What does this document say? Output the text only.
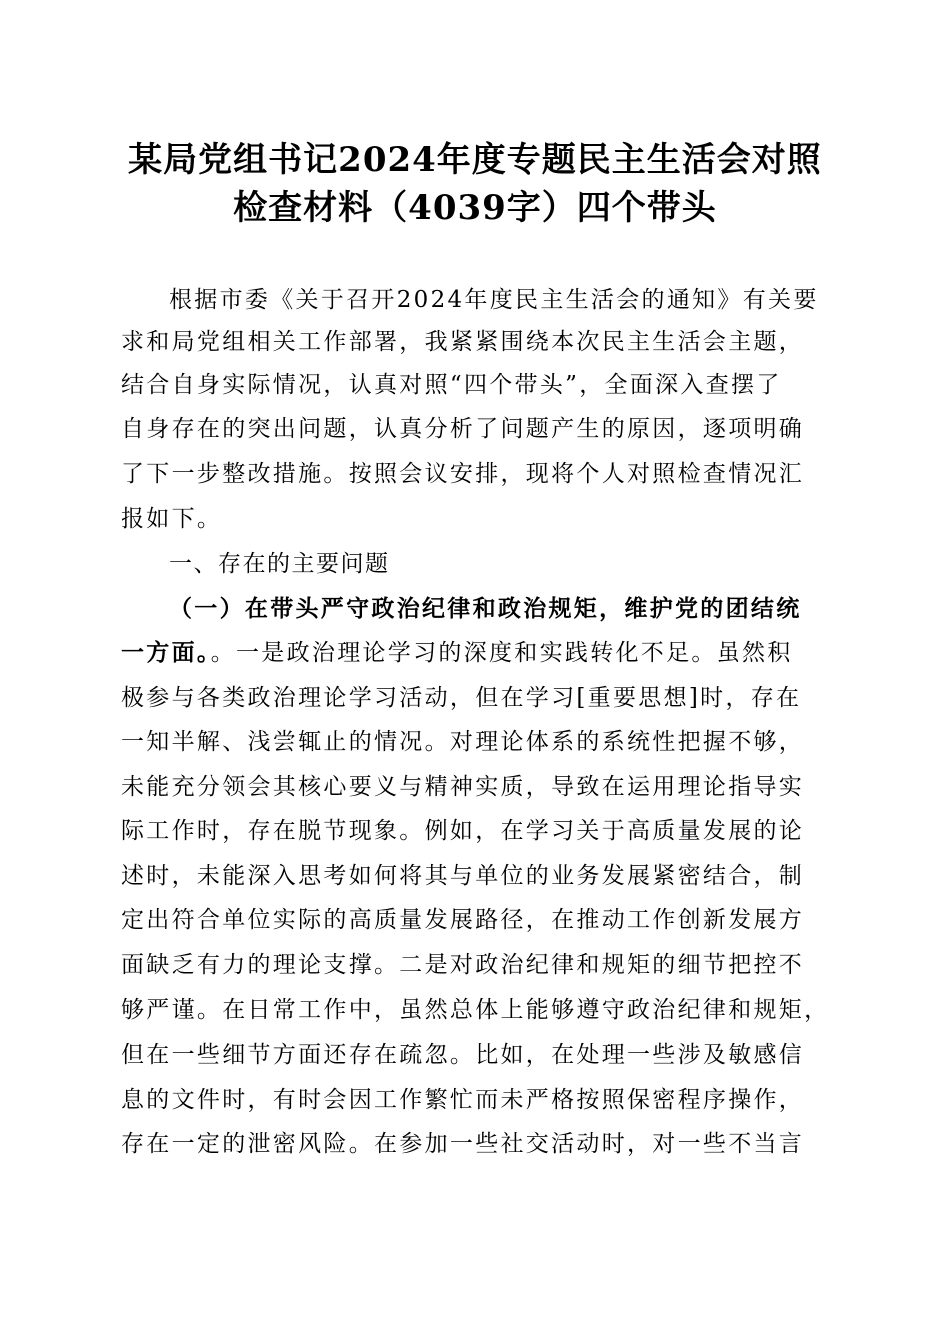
某局党组书记2024年度专题民主生活会对照
检查材料（4039字）四个带头
根据市委《关于召开2024年度民主生活会的通知》有关要
求和局党组相关工作部署，我紧紧围绕本次民主生活会主题，
结合自身实际情况，认真对照“四个带头”，全面深入查摆了
自身存在的突出问题，认真分析了问题产生的原因，逐项明确
了下一步整改措施。按照会议安排，现将个人对照检查情况汇
报如下。
一、存在的主要问题
（一）在带头严守政治纪律和政治规矩，维护党的团结统
一方面。。一是政治理论学习的深度和实践转化不足。虽然积
极参与各类政治理论学习活动，但在学习[重要思想]时，存在
一知半解、浅尝辄止的情况。对理论体系的系统性把握不够，
未能充分领会其核心要义与精神实质，导致在运用理论指导实
际工作时，存在脱节现象。例如，在学习关于高质量发展的论
述时，未能深入思考如何将其与单位的业务发展紧密结合，制
定出符合单位实际的高质量发展路径，在推动工作创新发展方
面缺乏有力的理论支撑。二是对政治纪律和规矩的细节把控不
够严谨。在日常工作中，虽然总体上能够遵守政治纪律和规矩，
但在一些细节方面还存在疏忽。比如，在处理一些涉及敏感信
息的文件时，有时会因工作繁忙而未严格按照保密程序操作，
存在一定的泄密风险。在参加一些社交活动时，对一些不当言
